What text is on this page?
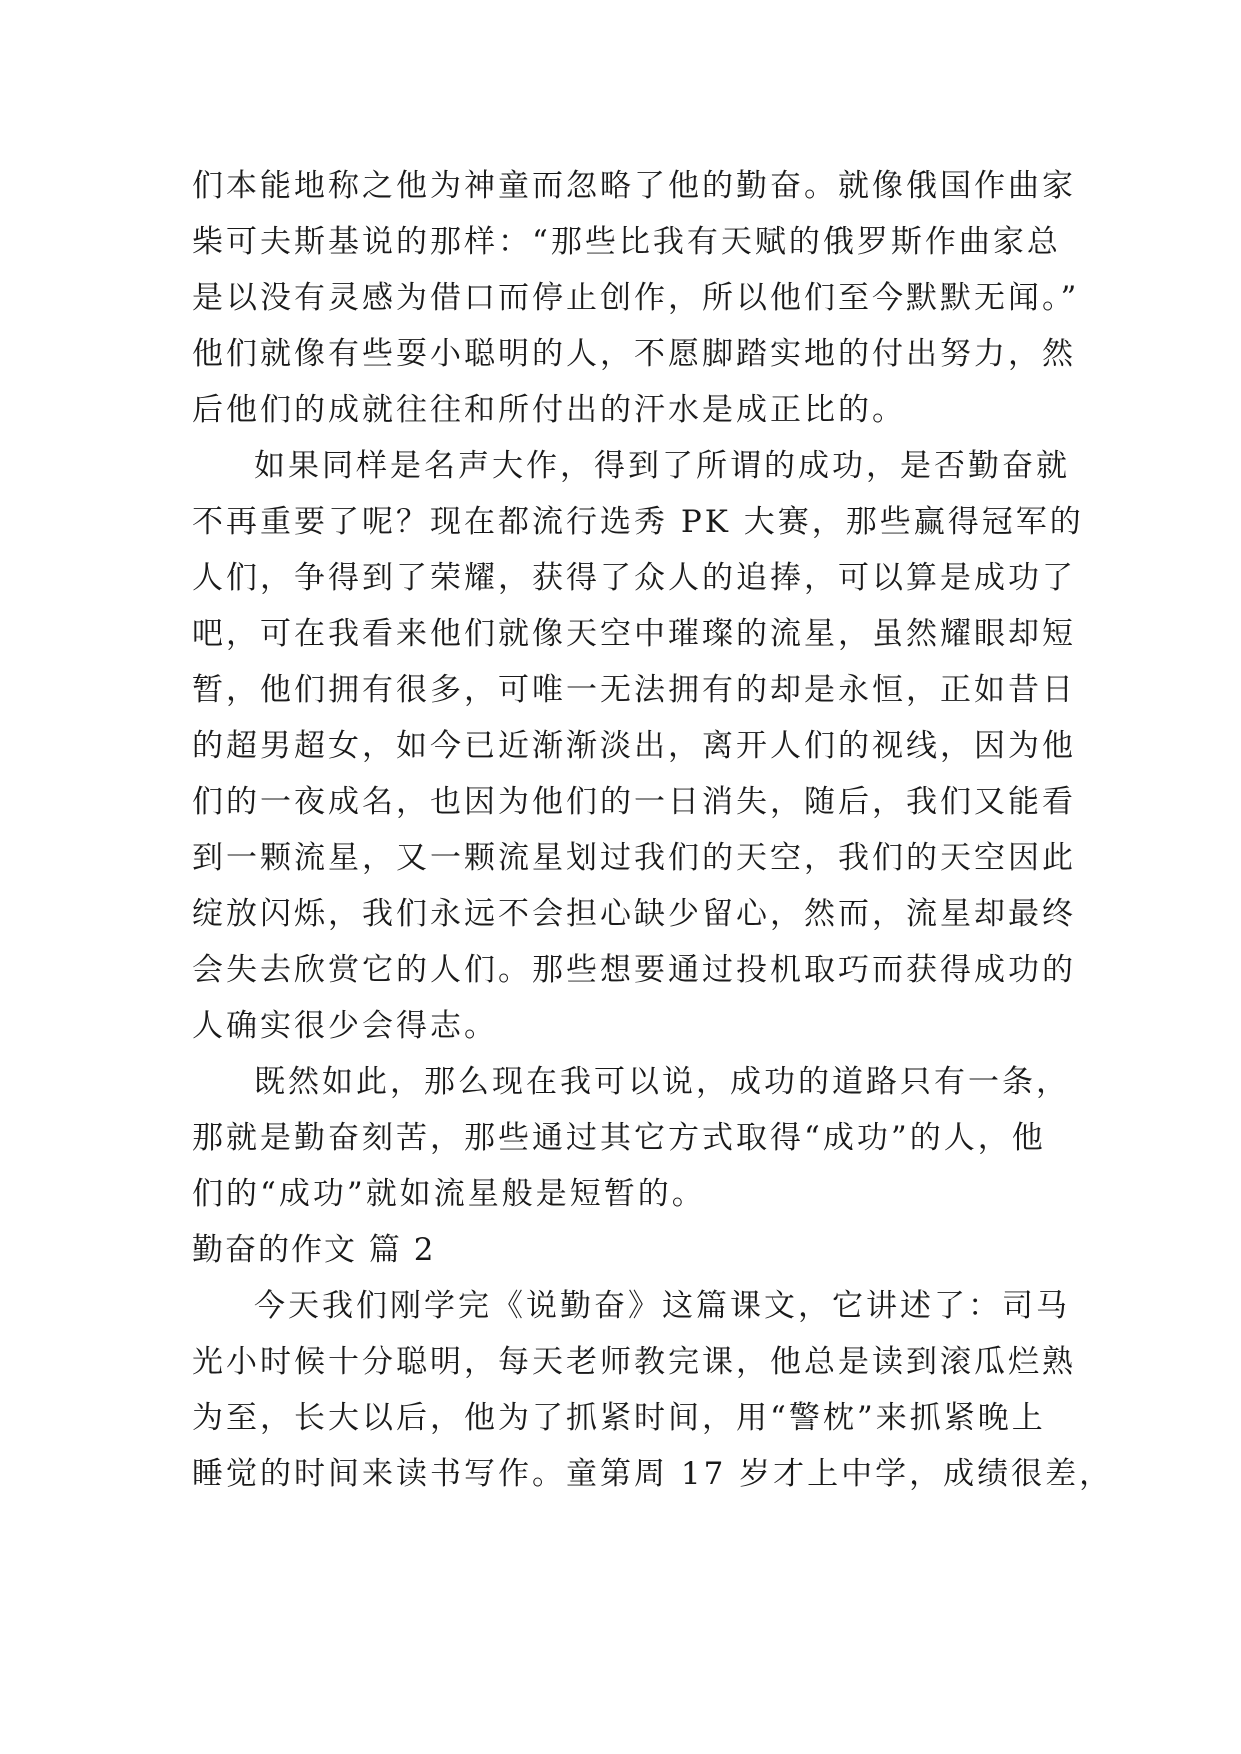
们本能地称之他为神童而忽略了他的勤奋。就像俄国作曲家
柴可夫斯基说的那样：“那些比我有天赋的俄罗斯作曲家总
是以没有灵感为借口而停止创作，所以他们至今默默无闻。”
他们就像有些耍小聪明的人，不愿脚踏实地的付出努力，然
后他们的成就往往和所付出的汗水是成正比的。
如果同样是名声大作，得到了所谓的成功，是否勤奋就
不再重要了呢？现在都流行选秀 PK 大赛，那些赢得冠军的
人们，争得到了荣耀，获得了众人的追捧，可以算是成功了
吧，可在我看来他们就像天空中璀璨的流星，虽然耀眼却短
暂，他们拥有很多，可唯一无法拥有的却是永恒，正如昔日
的超男超女，如今已近渐渐淡出，离开人们的视线，因为他
们的一夜成名，也因为他们的一日消失，随后，我们又能看
到一颗流星，又一颗流星划过我们的天空，我们的天空因此
绽放闪烁，我们永远不会担心缺少留心，然而，流星却最终
会失去欣赏它的人们。那些想要通过投机取巧而获得成功的
人确实很少会得志。
既然如此，那么现在我可以说，成功的道路只有一条，
那就是勤奋刻苦，那些通过其它方式取得“成功”的人，他
们的“成功”就如流星般是短暂的。
勤奋的作文 篇 2
今天我们刚学完《说勤奋》这篇课文，它讲述了：司马
光小时候十分聪明，每天老师教完课，他总是读到滚瓜烂熟
为至，长大以后，他为了抓紧时间，用“警枕”来抓紧晚上
睡觉的时间来读书写作。童第周 17 岁才上中学，成绩很差，
